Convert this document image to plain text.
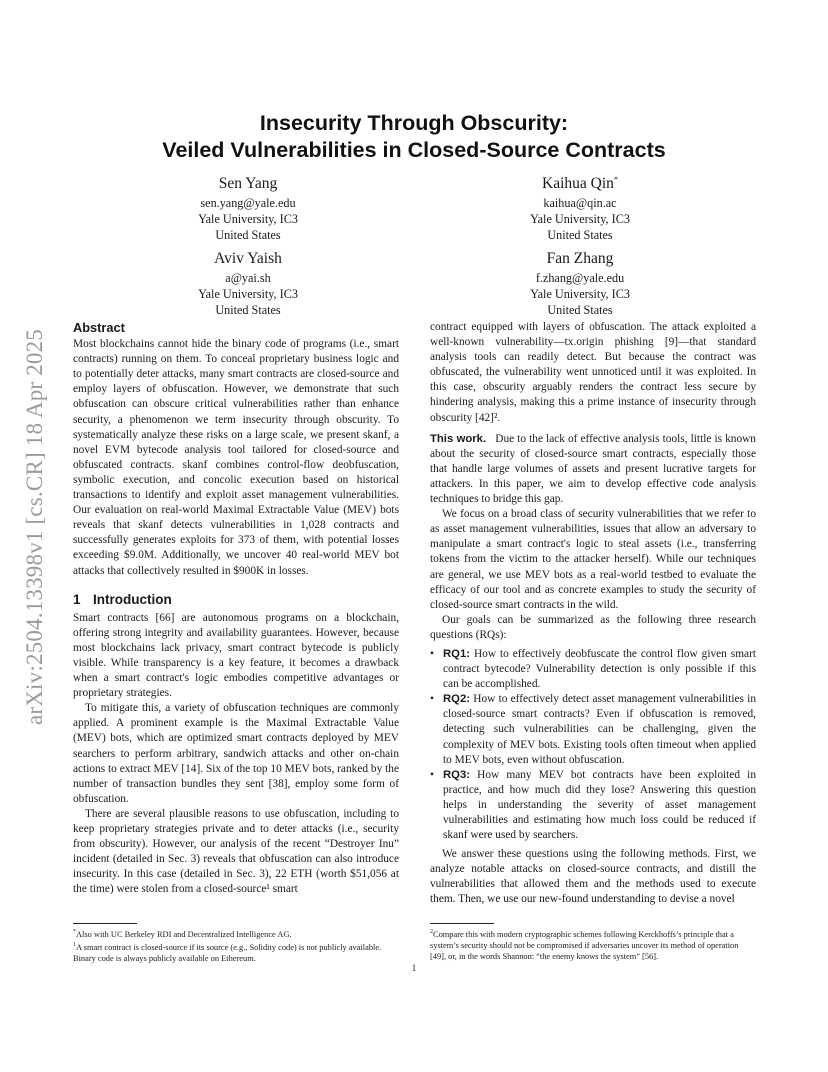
arXiv:2504.13398v1 [cs.CR] 18 Apr 2025
Insecurity Through Obscurity:
Veiled Vulnerabilities in Closed-Source Contracts
Sen Yang
sen.yang@yale.edu
Yale University, IC3
United States
Kaihua Qin*
kaihua@qin.ac
Yale University, IC3
United States
Aviv Yaish
a@yai.sh
Yale University, IC3
United States
Fan Zhang
f.zhang@yale.edu
Yale University, IC3
United States
Abstract

Most blockchains cannot hide the binary code of programs (i.e., smart contracts) running on them. To conceal proprietary business logic and to potentially deter attacks, many smart contracts are closed-source and employ layers of obfuscation. However, we demonstrate that such obfuscation can obscure critical vulnerabilities rather than enhance security, a phenomenon we term insecurity through obscurity. To systematically analyze these risks on a large scale, we present skanf, a novel EVM bytecode analysis tool tailored for closed-source and obfuscated contracts. skanf combines control-flow deobfuscation, symbolic execution, and concolic execution based on historical transactions to identify and exploit asset management vulnerabilities. Our evaluation on real-world Maximal Extractable Value (MEV) bots reveals that skanf detects vulnerabilities in 1,028 contracts and successfully generates exploits for 373 of them, with potential losses exceeding $9.0M. Additionally, we uncover 40 real-world MEV bot attacks that collectively resulted in $900K in losses.

1 Introduction

Smart contracts [66] are autonomous programs on a blockchain, offering strong integrity and availability guarantees. However, because most blockchains lack privacy, smart contract bytecode is publicly visible. While transparency is a key feature, it becomes a drawback when a smart contract's logic embodies competitive advantages or proprietary strategies.

To mitigate this, a variety of obfuscation techniques are commonly applied. A prominent example is the Maximal Extractable Value (MEV) bots, which are optimized smart contracts deployed by MEV searchers to perform arbitrary, sandwich attacks and other on-chain actions to extract MEV [14]. Six of the top 10 MEV bots, ranked by the number of transaction bundles they sent [38], employ some form of obfuscation.

There are several plausible reasons to use obfuscation, including to keep proprietary strategies private and to deter attacks (i.e., security from obscurity). However, our analysis of the recent “Destroyer Inu” incident (detailed in Sec. 3) reveals that obfuscation can also introduce insecurity. In this case (detailed in Sec. 3), 22 ETH (worth $51,056 at the time) were stolen from a closed-source¹ smart

*Also with UC Berkeley RDI and Decentralized Intelligence AG.
$^1$A smart contract is closed-source if its source (e.g., Solidity code) is not publicly available. Binary code is always publicly available on Ethereum.

contract equipped with layers of obfuscation. The attack exploited a well-known vulnerability—tx.origin phishing [9]—that standard analysis tools can readily detect. But because the contract was obfuscated, the vulnerability went unnoticed until it was exploited. In this case, obscurity arguably renders the contract less secure by hindering analysis, making this a prime instance of insecurity through obscurity [42]².

This work. Due to the lack of effective analysis tools, little is known about the security of closed-source smart contracts, especially those that handle large volumes of assets and present lucrative targets for attackers. In this paper, we aim to develop effective code analysis techniques to bridge this gap.

We focus on a broad class of security vulnerabilities that we refer to as asset management vulnerabilities, issues that allow an adversary to manipulate a smart contract's logic to steal assets (i.e., transferring tokens from the victim to the attacker herself). While our techniques are general, we use MEV bots as a real-world testbed to evaluate the efficacy of our tool and as concrete examples to study the security of closed-source smart contracts in the wild.

Our goals can be summarized as the following three research questions (RQs):

• RQ1: How to effectively deobfuscate the control flow given smart contract bytecode? Vulnerability detection is only possible if this can be accomplished.
• RQ2: How to effectively detect asset management vulnerabilities in closed-source smart contracts? Even if obfuscation is removed, detecting such vulnerabilities can be challenging, given the complexity of MEV bots. Existing tools often timeout when applied to MEV bots, even without obfuscation.
• RQ3: How many MEV bot contracts have been exploited in practice, and how much did they lose? Answering this question helps in understanding the severity of asset management vulnerabilities and estimating how much loss could be reduced if skanf were used by searchers.

We answer these questions using the following methods. First, we analyze notable attacks on closed-source contracts, and distill the vulnerabilities that allowed them and the methods used to execute them. Then, we use our new-found understanding to devise a novel

$^2$Compare this with modern cryptographic schemes following Kerckhoffs’s principle that a system’s security should not be compromised if adversaries uncover its method of operation [49], or, in the words Shannon: “the enemy knows the system” [56].
1
